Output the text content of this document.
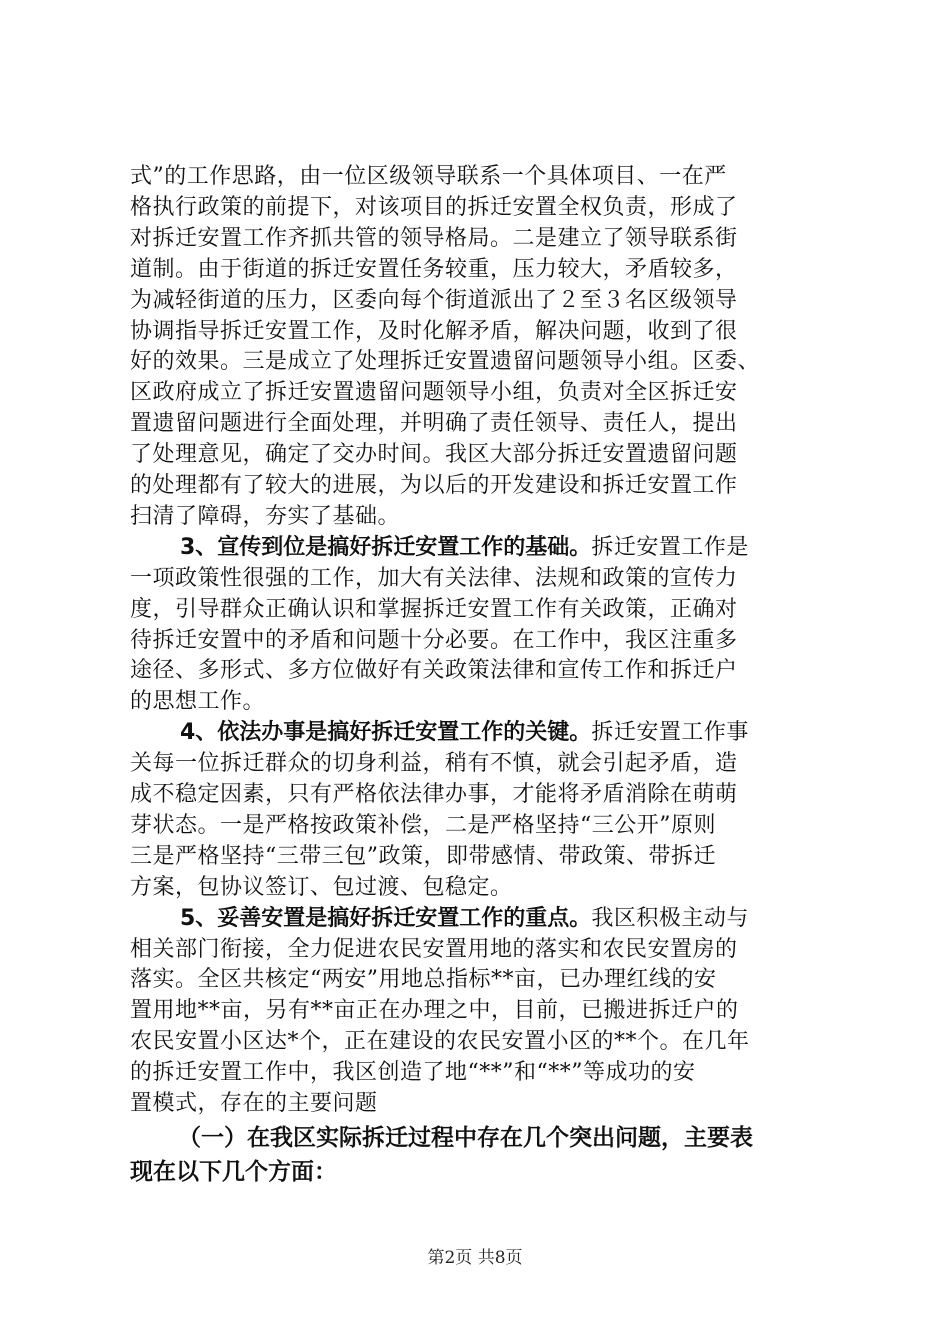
式”的工作思路，由一位区级领导联系一个具体项目、一在严
格执行政策的前提下，对该项目的拆迁安置全权负责，形成了
对拆迁安置工作齐抓共管的领导格局。二是建立了领导联系街
道制。由于街道的拆迁安置任务较重，压力较大，矛盾较多，
为减轻街道的压力，区委向每个街道派出了２至３名区级领导
协调指导拆迁安置工作，及时化解矛盾，解决问题，收到了很
好的效果。三是成立了处理拆迁安置遗留问题领导小组。区委、
区政府成立了拆迁安置遗留问题领导小组，负责对全区拆迁安
置遗留问题进行全面处理，并明确了责任领导、责任人，提出
了处理意见，确定了交办时间。我区大部分拆迁安置遗留问题
的处理都有了较大的进展，为以后的开发建设和拆迁安置工作
扫清了障碍，夯实了基础。
3、宣传到位是搞好拆迁安置工作的基础。拆迁安置工作是
一项政策性很强的工作，加大有关法律、法规和政策的宣传力
度，引导群众正确认识和掌握拆迁安置工作有关政策，正确对
待拆迁安置中的矛盾和问题十分必要。在工作中，我区注重多
途径、多形式、多方位做好有关政策法律和宣传工作和拆迁户
的思想工作。
4、依法办事是搞好拆迁安置工作的关键。拆迁安置工作事
关每一位拆迁群众的切身利益，稍有不慎，就会引起矛盾，造
成不稳定因素，只有严格依法律办事，才能将矛盾消除在萌萌
芽状态。一是严格按政策补偿，二是严格坚持“三公开”原则
三是严格坚持“三带三包”政策，即带感情、带政策、带拆迁
方案，包协议签订、包过渡、包稳定。
5、妥善安置是搞好拆迁安置工作的重点。我区积极主动与
相关部门衔接，全力促进农民安置用地的落实和农民安置房的
落实。全区共核定“两安”用地总指标**亩，已办理红线的安
置用地**亩，另有**亩正在办理之中，目前，已搬进拆迁户的
农民安置小区达*个，正在建设的农民安置小区的**个。在几年
的拆迁安置工作中，我区创造了地“**”和“**”等成功的安
置模式，存在的主要问题
（一）在我区实际拆迁过程中存在几个突出问题，主要表
现在以下几个方面：
第2页 共8页
